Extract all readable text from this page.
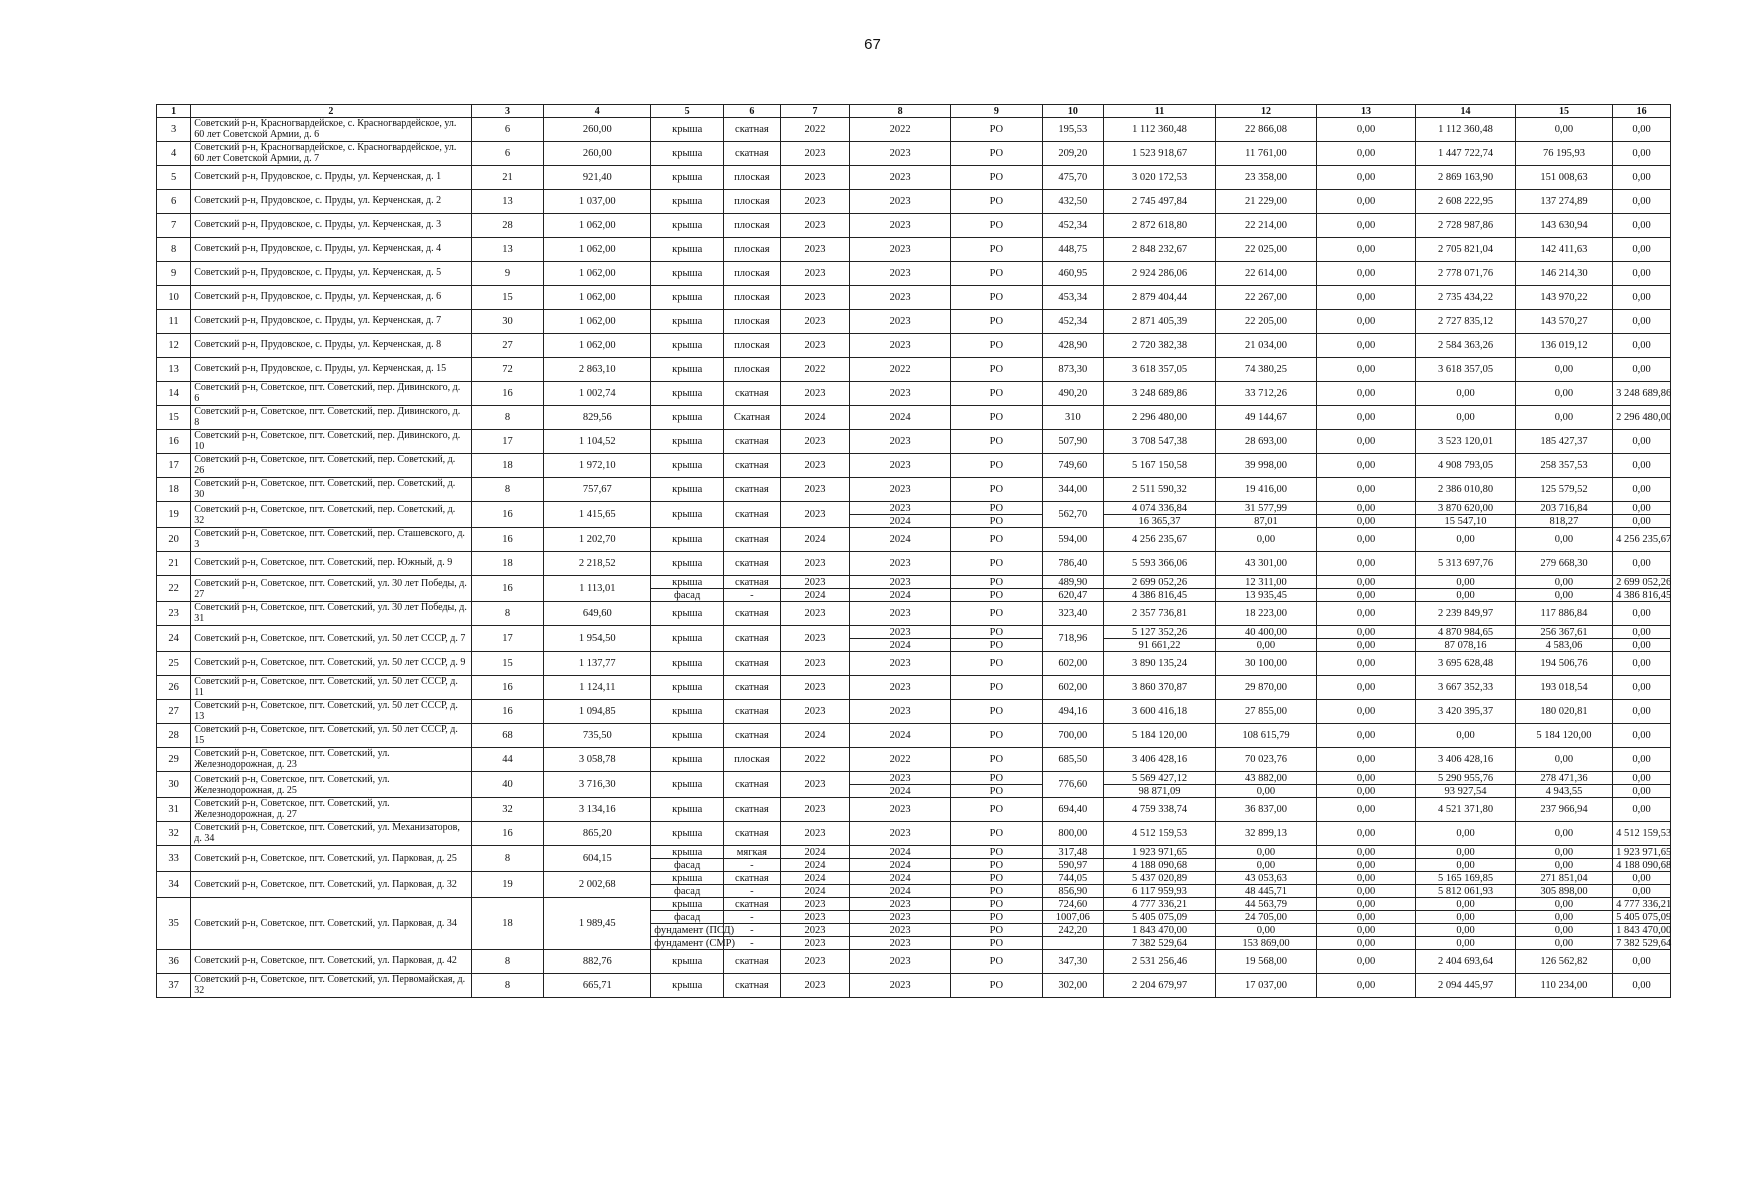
67
1	2	3	4	5	6	7	8	9	10	11	12	13	14	15	16
3	Советский р-н, Красногвардейское, с. Красногвардейское, ул. 60 лет Советской Армии, д. 6	6	260,00	крыша	скатная	2022	2022	РО	195,53	1 112 360,48	22 866,08	0,00	1 112 360,48	0,00	0,00
4	Советский р-н, Красногвардейское, с. Красногвардейское, ул. 60 лет Советской Армии, д. 7	6	260,00	крыша	скатная	2023	2023	РО	209,20	1 523 918,67	11 761,00	0,00	1 447 722,74	76 195,93	0,00
5	Советский р-н, Прудовское, с. Пруды, ул. Керченская, д. 1	21	921,40	крыша	плоская	2023	2023	РО	475,70	3 020 172,53	23 358,00	0,00	2 869 163,90	151 008,63	0,00
6	Советский р-н, Прудовское, с. Пруды, ул. Керченская, д. 2	13	1 037,00	крыша	плоская	2023	2023	РО	432,50	2 745 497,84	21 229,00	0,00	2 608 222,95	137 274,89	0,00
7	Советский р-н, Прудовское, с. Пруды, ул. Керченская, д. 3	28	1 062,00	крыша	плоская	2023	2023	РО	452,34	2 872 618,80	22 214,00	0,00	2 728 987,86	143 630,94	0,00
8	Советский р-н, Прудовское, с. Пруды, ул. Керченская, д. 4	13	1 062,00	крыша	плоская	2023	2023	РО	448,75	2 848 232,67	22 025,00	0,00	2 705 821,04	142 411,63	0,00
9	Советский р-н, Прудовское, с. Пруды, ул. Керченская, д. 5	9	1 062,00	крыша	плоская	2023	2023	РО	460,95	2 924 286,06	22 614,00	0,00	2 778 071,76	146 214,30	0,00
10	Советский р-н, Прудовское, с. Пруды, ул. Керченская, д. 6	15	1 062,00	крыша	плоская	2023	2023	РО	453,34	2 879 404,44	22 267,00	0,00	2 735 434,22	143 970,22	0,00
11	Советский р-н, Прудовское, с. Пруды, ул. Керченская, д. 7	30	1 062,00	крыша	плоская	2023	2023	РО	452,34	2 871 405,39	22 205,00	0,00	2 727 835,12	143 570,27	0,00
12	Советский р-н, Прудовское, с. Пруды, ул. Керченская, д. 8	27	1 062,00	крыша	плоская	2023	2023	РО	428,90	2 720 382,38	21 034,00	0,00	2 584 363,26	136 019,12	0,00
13	Советский р-н, Прудовское, с. Пруды, ул. Керченская, д. 15	72	2 863,10	крыша	плоская	2022	2022	РО	873,30	3 618 357,05	74 380,25	0,00	3 618 357,05	0,00	0,00
14	Советский р-н, Советское, пгт. Советский, пер. Дивинского, д. 6	16	1 002,74	крыша	скатная	2023	2023	РО	490,20	3 248 689,86	33 712,26	0,00	0,00	0,00	3 248 689,86
15	Советский р-н, Советское, пгт. Советский, пер. Дивинского, д. 8	8	829,56	крыша	Скатная	2024	2024	РО	310	2 296 480,00	49 144,67	0,00	0,00	0,00	2 296 480,00
16	Советский р-н, Советское, пгт. Советский, пер. Дивинского, д. 10	17	1 104,52	крыша	скатная	2023	2023	РО	507,90	3 708 547,38	28 693,00	0,00	3 523 120,01	185 427,37	0,00
17	Советский р-н, Советское, пгт. Советский, пер. Советский, д. 26	18	1 972,10	крыша	скатная	2023	2023	РО	749,60	5 167 150,58	39 998,00	0,00	4 908 793,05	258 357,53	0,00
18	Советский р-н, Советское, пгт. Советский, пер. Советский, д. 30	8	757,67	крыша	скатная	2023	2023	РО	344,00	2 511 590,32	19 416,00	0,00	2 386 010,80	125 579,52	0,00
19	Советский р-н, Советское, пгт. Советский, пер. Советский, д. 32	16	1 415,65	крыша	скатная	2023	2023	РО	562,70	4 074 336,84	31 577,99	0,00	3 870 620,00	203 716,84	0,00
							2024	РО		16 365,37	87,01	0,00	15 547,10	818,27	0,00
20	Советский р-н, Советское, пгт. Советский, пер. Сташевского, д. 3	16	1 202,70	крыша	скатная	2024	2024	РО	594,00	4 256 235,67	0,00	0,00	0,00	0,00	4 256 235,67
21	Советский р-н, Советское, пгт. Советский, пер. Южный, д. 9	18	2 218,52	крыша	скатная	2023	2023	РО	786,40	5 593 366,06	43 301,00	0,00	5 313 697,76	279 668,30	0,00
22	Советский р-н, Советское, пгт. Советский, ул. 30 лет Победы, д. 27	16	1 113,01	крыша	скатная	2023	2023	РО	489,90	2 699 052,26	12 311,00	0,00	0,00	0,00	2 699 052,26
				фасад	-	2024	2024	РО	620,47	4 386 816,45	13 935,45	0,00	0,00	0,00	4 386 816,45
23	Советский р-н, Советское, пгт. Советский, ул. 30 лет Победы, д. 31	8	649,60	крыша	скатная	2023	2023	РО	323,40	2 357 736,81	18 223,00	0,00	2 239 849,97	117 886,84	0,00
24	Советский р-н, Советское, пгт. Советский, ул. 50 лет СССР, д. 7	17	1 954,50	крыша	скатная	2023	2023	РО	718,96	5 127 352,26	40 400,00	0,00	4 870 984,65	256 367,61	0,00
							2024	РО		91 661,22	0,00	0,00	87 078,16	4 583,06	0,00
25	Советский р-н, Советское, пгт. Советский, ул. 50 лет СССР, д. 9	15	1 137,77	крыша	скатная	2023	2023	РО	602,00	3 890 135,24	30 100,00	0,00	3 695 628,48	194 506,76	0,00
26	Советский р-н, Советское, пгт. Советский, ул. 50 лет СССР, д. 11	16	1 124,11	крыша	скатная	2023	2023	РО	602,00	3 860 370,87	29 870,00	0,00	3 667 352,33	193 018,54	0,00
27	Советский р-н, Советское, пгт. Советский, ул. 50 лет СССР, д. 13	16	1 094,85	крыша	скатная	2023	2023	РО	494,16	3 600 416,18	27 855,00	0,00	3 420 395,37	180 020,81	0,00
28	Советский р-н, Советское, пгт. Советский, ул. 50 лет СССР, д. 15	68	735,50	крыша	скатная	2024	2024	РО	700,00	5 184 120,00	108 615,79	0,00	0,00	5 184 120,00	0,00
29	Советский р-н, Советское, пгт. Советский, ул. Железнодорожная, д. 23	44	3 058,78	крыша	плоская	2022	2022	РО	685,50	3 406 428,16	70 023,76	0,00	3 406 428,16	0,00	0,00
30	Советский р-н, Советское, пгт. Советский, ул. Железнодорожная, д. 25	40	3 716,30	крыша	скатная	2023	2023	РО	776,60	5 569 427,12	43 882,00	0,00	5 290 955,76	278 471,36	0,00
							2024	РО		98 871,09	0,00	0,00	93 927,54	4 943,55	0,00
31	Советский р-н, Советское, пгт. Советский, ул. Железнодорожная, д. 27	32	3 134,16	крыша	скатная	2023	2023	РО	694,40	4 759 338,74	36 837,00	0,00	4 521 371,80	237 966,94	0,00
32	Советский р-н, Советское, пгт. Советский, ул. Механизаторов, д. 34	16	865,20	крыша	скатная	2023	2023	РО	800,00	4 512 159,53	32 899,13	0,00	0,00	0,00	4 512 159,53
33	Советский р-н, Советское, пгт. Советский, ул. Парковая, д. 25	8	604,15	крыша	мягкая	2024	2024	РО	317,48	1 923 971,65	0,00	0,00	0,00	0,00	1 923 971,65
				фасад	-	2024	2024	РО	590,97	4 188 090,68	0,00	0,00	0,00	0,00	4 188 090,68
34	Советский р-н, Советское, пгт. Советский, ул. Парковая, д. 32	19	2 002,68	крыша	скатная	2024	2024	РО	744,05	5 437 020,89	43 053,63	0,00	5 165 169,85	271 851,04	0,00
				фасад	-	2024	2024	РО	856,90	6 117 959,93	48 445,71	0,00	5 812 061,93	305 898,00	0,00
35	Советский р-н, Советское, пгт. Советский, ул. Парковая, д. 34	18	1 989,45	крыша	скатная	2023	2023	РО	724,60	4 777 336,21	44 563,79	0,00	0,00	0,00	4 777 336,21
				фасад	-	2023	2023	РО	1007,06	5 405 075,09	24 705,00	0,00	0,00	0,00	5 405 075,09
				фундамент (ПСД)	-	2023	2023	РО	242,20	1 843 470,00	0,00	0,00	0,00	0,00	1 843 470,00
				фундамент (СМР)	-	2023	2023	РО		7 382 529,64	153 869,00	0,00	0,00	0,00	7 382 529,64
36	Советский р-н, Советское, пгт. Советский, ул. Парковая, д. 42	8	882,76	крыша	скатная	2023	2023	РО	347,30	2 531 256,46	19 568,00	0,00	2 404 693,64	126 562,82	0,00
37	Советский р-н, Советское, пгт. Советский, ул. Первомайская, д. 32	8	665,71	крыша	скатная	2023	2023	РО	302,00	2 204 679,97	17 037,00	0,00	2 094 445,97	110 234,00	0,00
